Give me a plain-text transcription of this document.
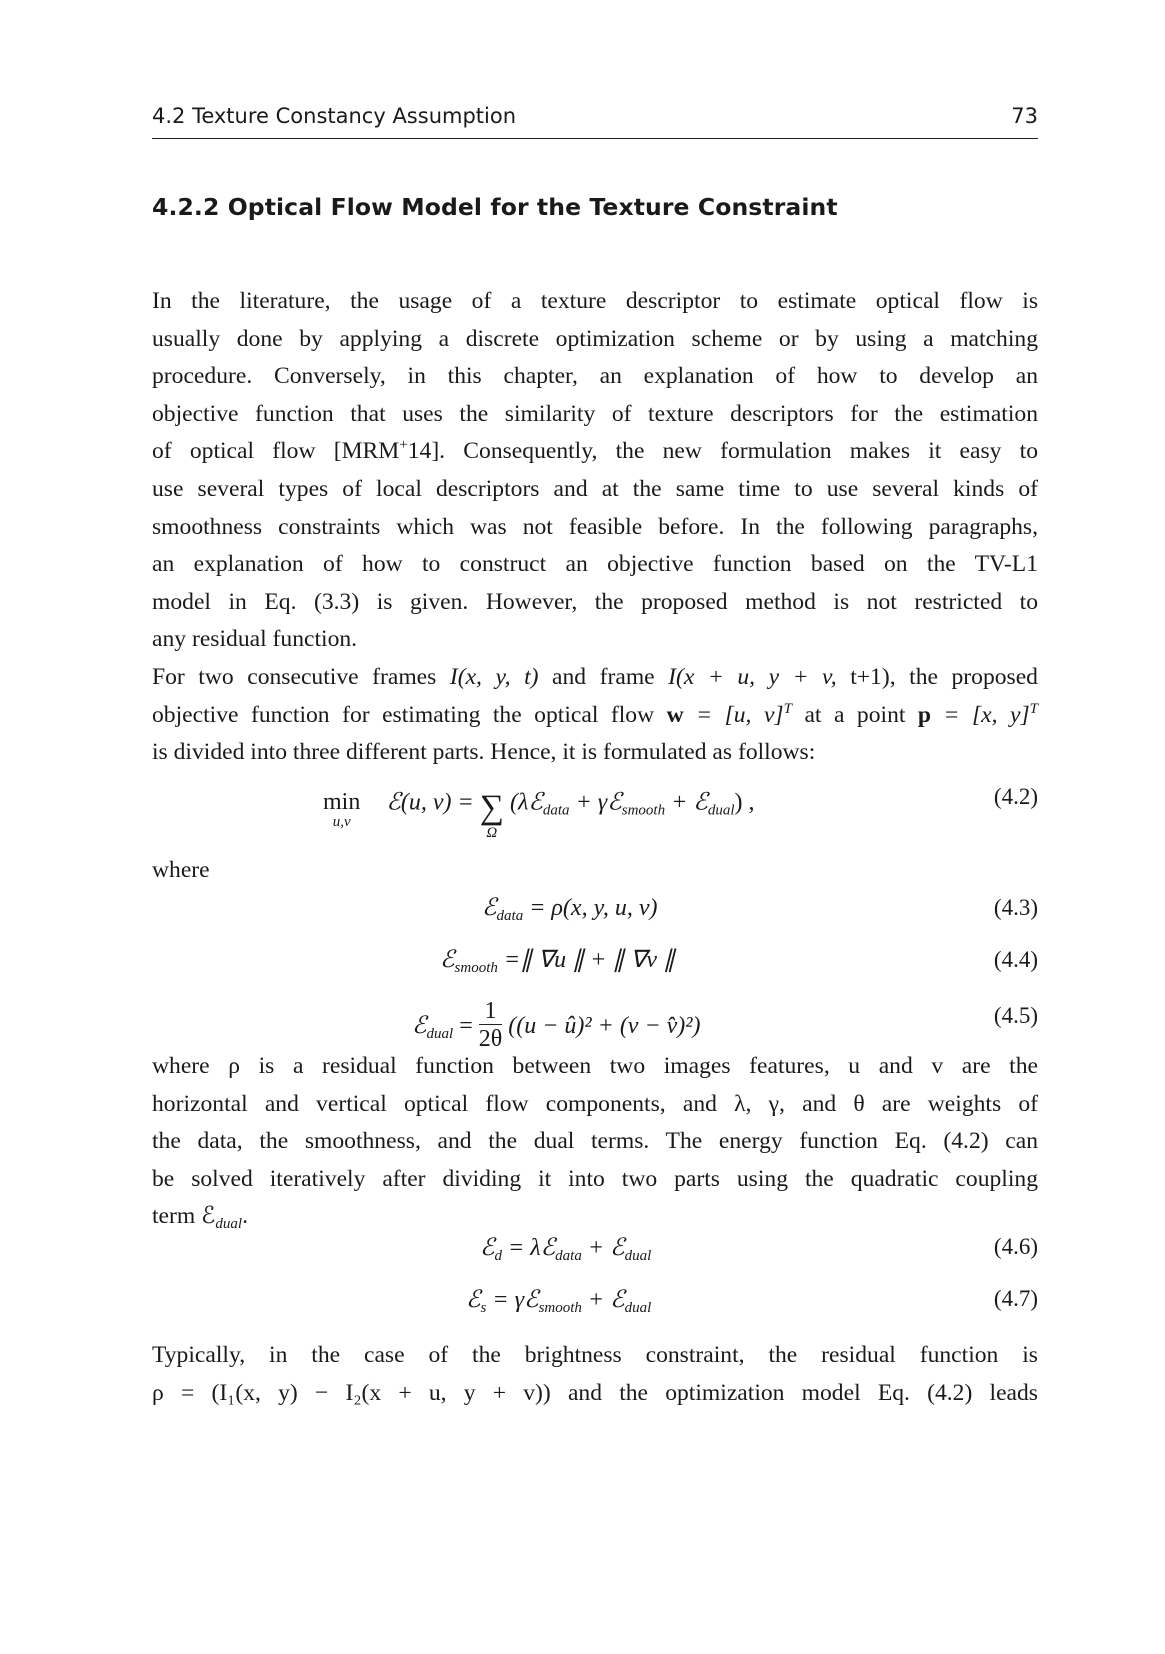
4.2 Texture Constancy Assumption	73
4.2.2 Optical Flow Model for the Texture Constraint
In the literature, the usage of a texture descriptor to estimate optical flow is
usually done by applying a discrete optimization scheme or by using a matching
procedure. Conversely, in this chapter, an explanation of how to develop an
objective function that uses the similarity of texture descriptors for the estimation
of optical flow [MRM+14]. Consequently, the new formulation makes it easy to
use several types of local descriptors and at the same time to use several kinds of
smoothness constraints which was not feasible before. In the following paragraphs,
an explanation of how to construct an objective function based on the TV-L1
model in Eq. (3.3) is given. However, the proposed method is not restricted to
any residual function.
For two consecutive frames I(x, y, t) and frame I(x + u, y + v, t+1), the proposed
objective function for estimating the optical flow w = [u, v]$^T$ at a point p = [x, y]$^T$
is divided into three different parts. Hence, it is formulated as follows:
min
u,v
ℰ(u, v) = ∑
Ω
(λℰ$_{data}$ + γℰ$_{smooth}$ + ℰ$_{dual}$) ,	(4.2)
where
ℰ$_{data}$ = ρ(x, y, u, v)	(4.3)
ℰ$_{smooth}$ =∥ ∇u ∥ + ∥ ∇v ∥	(4.4)
ℰ$_{dual}$ = $\frac{1}{2\theta} ((u$ − û)² + (v − v̂)²)	(4.5)
where ρ is a residual function between two images features, u and v are the
horizontal and vertical optical flow components, and λ, γ, and θ are weights of
the data, the smoothness, and the dual terms. The energy function Eq. (4.2) can
be solved iteratively after dividing it into two parts using the quadratic coupling
term ℰ$_{dual}$.
ℰ$_d$ = λℰ$_{data}$ + ℰ$_{dual}$	(4.6)
ℰ$_s$ = γℰ$_{smooth}$ + ℰ$_{dual}$	(4.7)
Typically, in the case of the brightness constraint, the residual function is
ρ = (I₁(x, y) − I₂(x + u, y + v)) and the optimization model Eq. (4.2) leads
